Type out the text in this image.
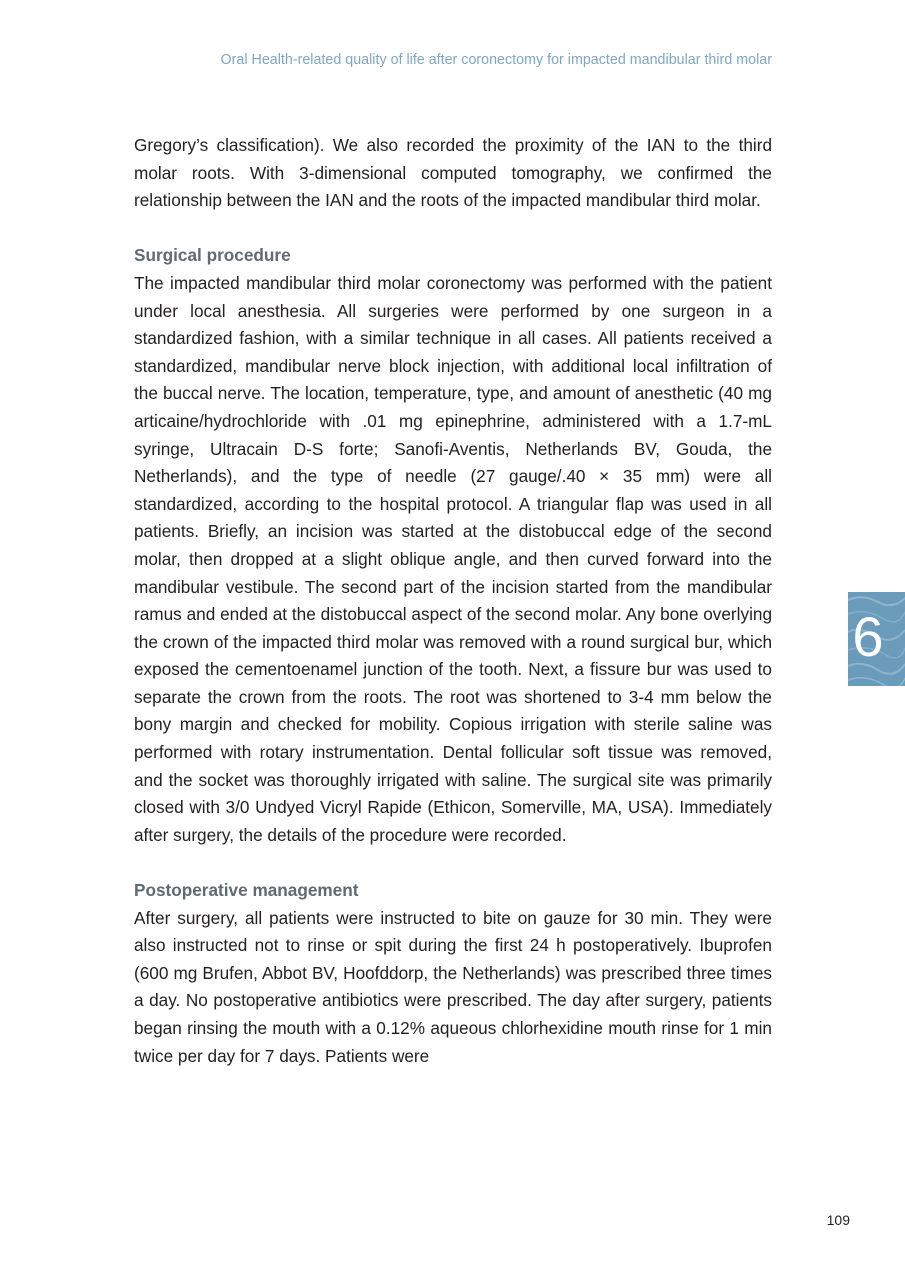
Oral Health-related quality of life after coronectomy for impacted mandibular third molar

Gregory’s classification). We also recorded the proximity of the IAN to the third molar roots. With 3-dimensional computed tomography, we confirmed the relationship between the IAN and the roots of the impacted mandibular third molar.

Surgical procedure

The impacted mandibular third molar coronectomy was performed with the patient under local anesthesia. All surgeries were performed by one surgeon in a standardized fashion, with a similar technique in all cases. All patients received a standardized, mandibular nerve block injection, with additional local infiltration of the buccal nerve. The location, temperature, type, and amount of anesthetic (40 mg articaine/hydrochloride with .01 mg epinephrine, administered with a 1.7-mL syringe, Ultracain D-S forte; Sanofi-Aventis, Netherlands BV, Gouda, the Netherlands), and the type of needle (27 gauge/.40 × 35 mm) were all standardized, according to the hospital protocol. A triangular flap was used in all patients. Briefly, an incision was started at the distobuccal edge of the second molar, then dropped at a slight oblique angle, and then curved forward into the mandibular vestibule. The second part of the incision started from the mandibular ramus and ended at the distobuccal aspect of the second molar. Any bone overlying the crown of the impacted third molar was removed with a round surgical bur, which exposed the cementoenamel junction of the tooth. Next, a fissure bur was used to separate the crown from the roots. The root was shortened to 3-4 mm below the bony margin and checked for mobility. Copious irrigation with sterile saline was performed with rotary instrumentation. Dental follicular soft tissue was removed, and the socket was thoroughly irrigated with saline. The surgical site was primarily closed with 3/0 Undyed Vicryl Rapide (Ethicon, Somerville, MA, USA). Immediately after surgery, the details of the procedure were recorded.

Postoperative management

After surgery, all patients were instructed to bite on gauze for 30 min. They were also instructed not to rinse or spit during the first 24 h postoperatively. Ibuprofen (600 mg Brufen, Abbot BV, Hoofddorp, the Netherlands) was prescribed three times a day. No postoperative antibiotics were prescribed. The day after surgery, patients began rinsing the mouth with a 0.12% aqueous chlorhexidine mouth rinse for 1 min twice per day for 7 days. Patients were

6
109
